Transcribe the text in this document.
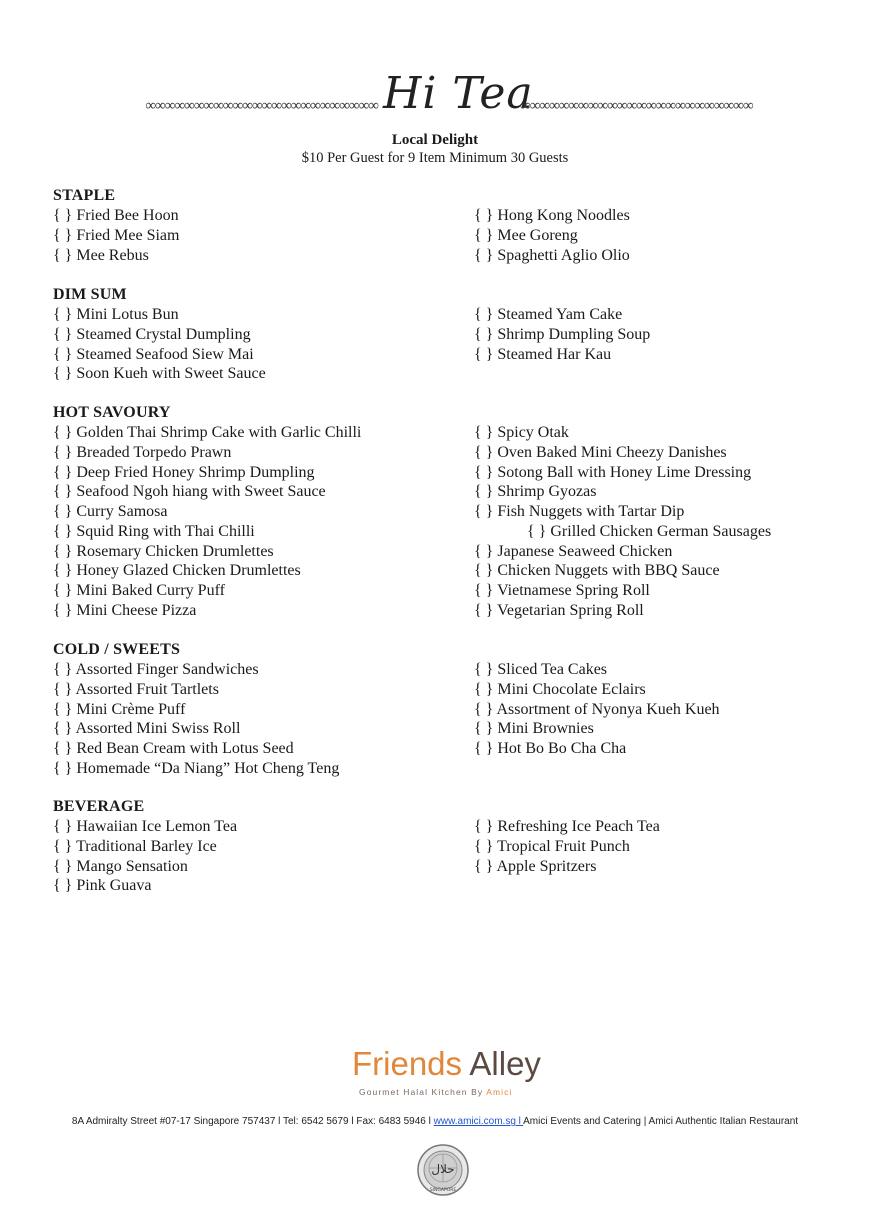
∞∞∞∞∞∞∞∞∞∞∞∞∞∞∞∞∞∞∞∞∞∞∞∞ Hi Tea
∞∞∞∞∞∞∞∞∞∞∞∞∞∞∞∞∞∞∞∞∞∞∞∞
Local Delight
$10 Per Guest for 9 Item Minimum 30 Guests
STAPLE
{ } Fried Bee Hoon
{ } Fried Mee Siam
{ } Mee Rebus
{ } Hong Kong Noodles
{ } Mee Goreng
{ } Spaghetti Aglio Olio
DIM SUM
{ } Mini Lotus Bun
{ } Steamed Crystal Dumpling
{ } Steamed Seafood Siew Mai
{ } Soon Kueh with Sweet Sauce
{ } Steamed Yam Cake
{ } Shrimp Dumpling Soup
{ } Steamed Har Kau
HOT SAVOURY
{ } Golden Thai Shrimp Cake with Garlic Chilli
{ } Breaded Torpedo Prawn
{ } Deep Fried Honey Shrimp Dumpling
{ } Seafood Ngoh hiang with Sweet Sauce
{ } Curry Samosa
{ } Squid Ring with Thai Chilli
{ } Rosemary Chicken Drumlettes
{ } Honey Glazed Chicken Drumlettes
{ } Mini Baked Curry Puff
{ } Mini Cheese Pizza
{ } Spicy Otak
{ } Oven Baked Mini Cheezy Danishes
{ } Sotong Ball with Honey Lime Dressing
{ } Shrimp Gyozas
{ } Fish Nuggets with Tartar Dip
{ } Grilled Chicken German Sausages
{ } Japanese Seaweed Chicken
{ } Chicken Nuggets with BBQ Sauce
{ } Vietnamese Spring Roll
{ } Vegetarian Spring Roll
COLD / SWEETS
{ } Assorted Finger Sandwiches
{ } Assorted Fruit Tartlets
{ } Mini Crème Puff
{ } Assorted Mini Swiss Roll
{ } Red Bean Cream with Lotus Seed
{ } Homemade “Da Niang” Hot Cheng Teng
{ } Sliced Tea Cakes
{ } Mini Chocolate Eclairs
{ } Assortment of Nyonya Kueh Kueh
{ } Mini Brownies
{ } Hot Bo Bo Cha Cha
BEVERAGE
{ } Hawaiian Ice Lemon Tea
{ } Traditional Barley Ice
{ } Mango Sensation
{ } Pink Guava
{ } Refreshing Ice Peach Tea
{ } Tropical Fruit Punch
{ } Apple Spritzers
Friends Alley
Gourmet Halal Kitchen By Amici
8A Admiralty Street #07-17 Singapore 757437 l Tel: 6542 5679 l Fax: 6483 5946 l www.amici.com.sg l Amici Events and Catering | Amici Authentic Italian Restaurant
حلال
SINGAPORE
